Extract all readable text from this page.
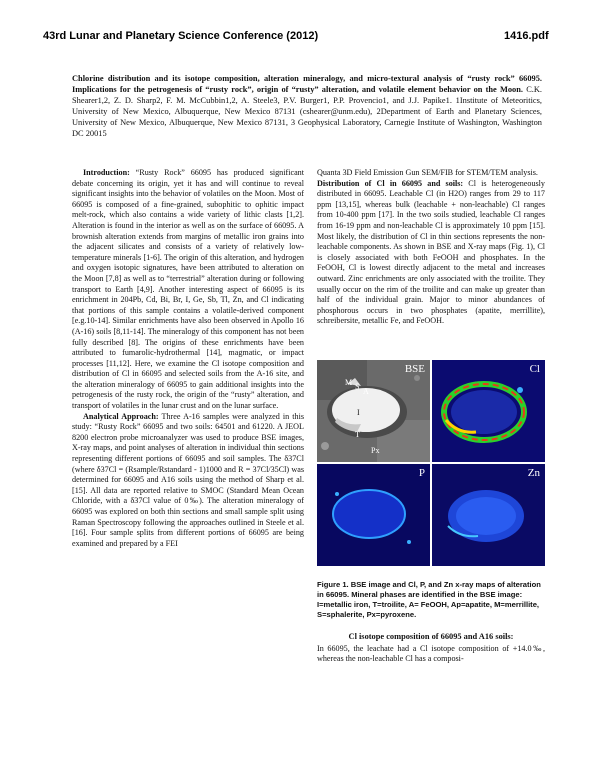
43rd Lunar and Planetary Science Conference (2012)	1416.pdf
Chlorine distribution and its isotope composition, alteration mineralogy, and micro-textural analysis of “rusty rock” 66095. Implications for the petrogenesis of “rusty rock”, origin of “rusty” alteration, and volatile element behavior on the Moon. C.K. Shearer1,2, Z. D. Sharp2, F. M. McCubbin1,2, A. Steele3, P.V. Burger1, P.P. Provencio1, and J.J. Papike1. 1Institute of Meteoritics, University of New Mexico, Albuquerque, New Mexico 87131 (cshearer@unm.edu), 2Department of Earth and Planetary Sciences, University of New Mexico, Albuquerque, New Mexico 87131, 3 Geophysical Laboratory, Carnegie Institute of Washington, Washington DC 20015
Introduction: “Rusty Rock” 66095 has produced significant debate concerning its origin, yet it has and will continue to reveal significant insights into the behavior of volatiles on the Moon. Most of 66095 is composed of a fine-grained, subophitic to ophitic impact melt-rock, which also contains a wide variety of lithic clasts [1,2]. Alteration is found in the interior as well as on the surface of 66095. A brownish alteration extends from margins of metallic iron grains into the adjacent silicates and consists of a variety of relatively low-temperature minerals [1-6]. The origin of this alteration, and hydrogen and oxygen isotopic signatures, have been attributed to alteration on the Moon [7,8] as well as to “terrestrial” alteration during or following transport to Earth [4,9]. Another interesting aspect of 66095 is its enrichment in 204Pb, Cd, Bi, Br, I, Ge, Sb, Tl, Zn, and Cl indicating that portions of this sample contains a volatile-derived component [e.g.10-14]. Similar enrichments have also been observed in Apollo 16 (A-16) soils [8,11-14]. The mineralogy of this component has not been fully described [8]. The origins of these enrichments have been attributed to fumarolic-hydrothermal [14], magmatic, or impact processes [11,12]. Here, we examine the Cl isotope composition and distribution of Cl in 66095 and selected soils from the A-16 site, and the alteration mineralogy of 66095 to gain additional insights into the petrogenesis of the rusty rock, the origin of the “rusty” alteration, and transport of volatiles in the lunar crust and on the lunar surface.
Analytical Approach: Three A-16 samples were analyzed in this study: “Rusty Rock” 66095 and two soils: 64501 and 61220. A JEOL 8200 electron probe microanalyzer was used to produce BSE images, X-ray maps, and point analyses of alteration in individual thin sections representing different portions of 66095 and soil samples. The δ37Cl (where δ37Cl = (Rsample/Rstandard - 1)1000 and R = 37Cl/35Cl) was determined for 66095 and A16 soils using the method of Sharp et al. [15]. All data are reported relative to SMOC (Standard Mean Ocean Chloride, with a δ37Cl value of 0‰). The alteration mineralogy of 66095 was explored on both thin sections and small sample split using Raman Spectroscopy following the approaches outlined in Steele et al. [16]. Four sample splits from different portions of 66095 are being examined and prepared by a FEI
Quanta 3D Field Emission Gun SEM/FIB for STEM/TEM analysis.
Distribution of Cl in 66095 and soils: Cl is heterogeneously distributed in 66095. Leachable Cl (in H2O) ranges from 29 to 117 ppm [13,15], whereas bulk (leachable + non-leachable) Cl ranges from 10-400 ppm [17]. In the two soils studied, leachable Cl ranges from 16-19 ppm and non-leachable Cl is approximately 10 ppm [15]. Most likely, the distribution of Cl in thin sections represents the non-leachable components. As shown in BSE and X-ray maps (Fig. 1), Cl is closely associated with both FeOOH and phosphates. In the FeOOH, Cl is lowest directly adjacent to the metal and increases outward. Zinc enrichments are only associated with the troilite. They usually occur on the rim of the troilite and can make up greater than half of the individual grain. Major to minor abundances of phosphorous occurs in two phosphates (apatite, merrillite), schreibersite, metallic Fe, and FeOOH.
BSE
M S
A
I
T
Px
Cl
P	Zn
Figure 1. BSE image and Cl, P, and Zn x-ray maps of alteration in 66095. Mineral phases are identified in the BSE image: I=metallic iron, T=troilite, A= FeOOH, Ap=apatite, M=merrillite, S=sphalerite, Px=pyroxene.
Cl isotope composition of 66095 and A16 soils:
In 66095, the leachate had a Cl isotope composition of +14.0‰, whereas the non-leachable Cl has a composi-
